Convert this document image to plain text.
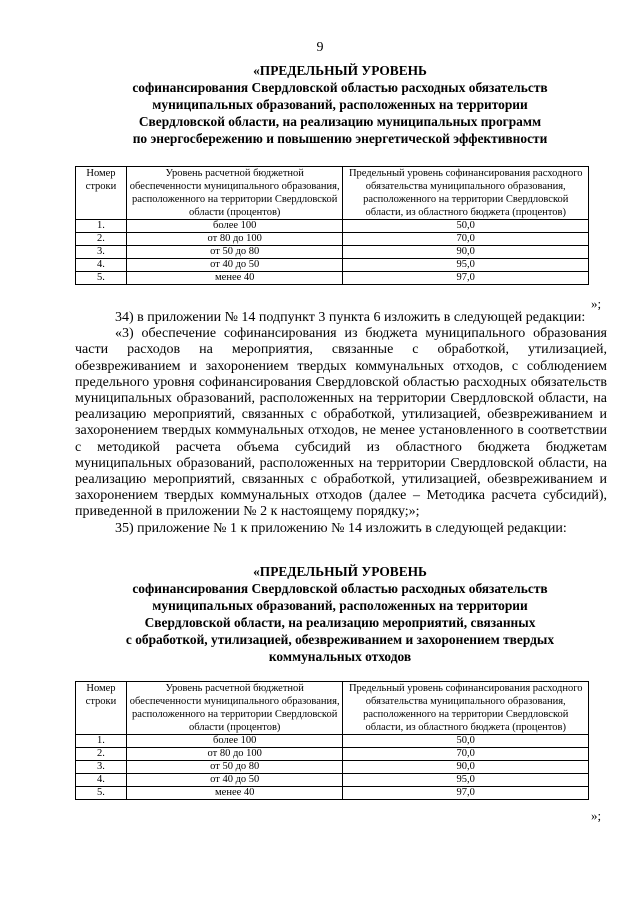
9
«ПРЕДЕЛЬНЫЙ УРОВЕНЬ
софинансирования Свердловской областью расходных обязательств
муниципальных образований, расположенных на территории
Свердловской области, на реализацию муниципальных программ
по энергосбережению и повышению энергетической эффективности
Номер строки	Уровень расчетной бюджетной обеспеченности муниципального образования, расположенного на территории Свердловской области (процентов)	Предельный уровень софинансирования расходного обязательства муниципального образования, расположенного на территории Свердловской области, из областного бюджета (процентов)
1.	более 100	50,0
2.	от 80 до 100	70,0
3.	от 50 до 80	90,0
4.	от 40 до 50	95,0
5.	менее 40	97,0
»;

34) в приложении № 14 подпункт 3 пункта 6 изложить в следующей редакции:

«3) обеспечение софинансирования из бюджета муниципального образования части расходов на мероприятия, связанные с обработкой, утилизацией, обезвреживанием и захоронением твердых коммунальных отходов, с соблюдением предельного уровня софинансирования Свердловской областью расходных обязательств муниципальных образований, расположенных на территории Свердловской области, на реализацию мероприятий, связанных с обработкой, утилизацией, обезвреживанием и захоронением твердых коммунальных отходов, не менее установленного в соответствии с методикой расчета объема субсидий из областного бюджета бюджетам муниципальных образований, расположенных на территории Свердловской области, на реализацию мероприятий, связанных с обработкой, утилизацией, обезвреживанием и захоронением твердых коммунальных отходов (далее – Методика расчета субсидий), приведенной в приложении № 2 к настоящему порядку;»;

35) приложение № 1 к приложению № 14 изложить в следующей редакции:

«ПРЕДЕЛЬНЫЙ УРОВЕНЬ
софинансирования Свердловской областью расходных обязательств
муниципальных образований, расположенных на территории
Свердловской области, на реализацию мероприятий, связанных
с обработкой, утилизацией, обезвреживанием и захоронением твердых
коммунальных отходов
Номер строки	Уровень расчетной бюджетной обеспеченности муниципального образования, расположенного на территории Свердловской области (процентов)	Предельный уровень софинансирования расходного обязательства муниципального образования, расположенного на территории Свердловской области, из областного бюджета (процентов)
1.	более 100	50,0
2.	от 80 до 100	70,0
3.	от 50 до 80	90,0
4.	от 40 до 50	95,0
5.	менее 40	97,0
»;
